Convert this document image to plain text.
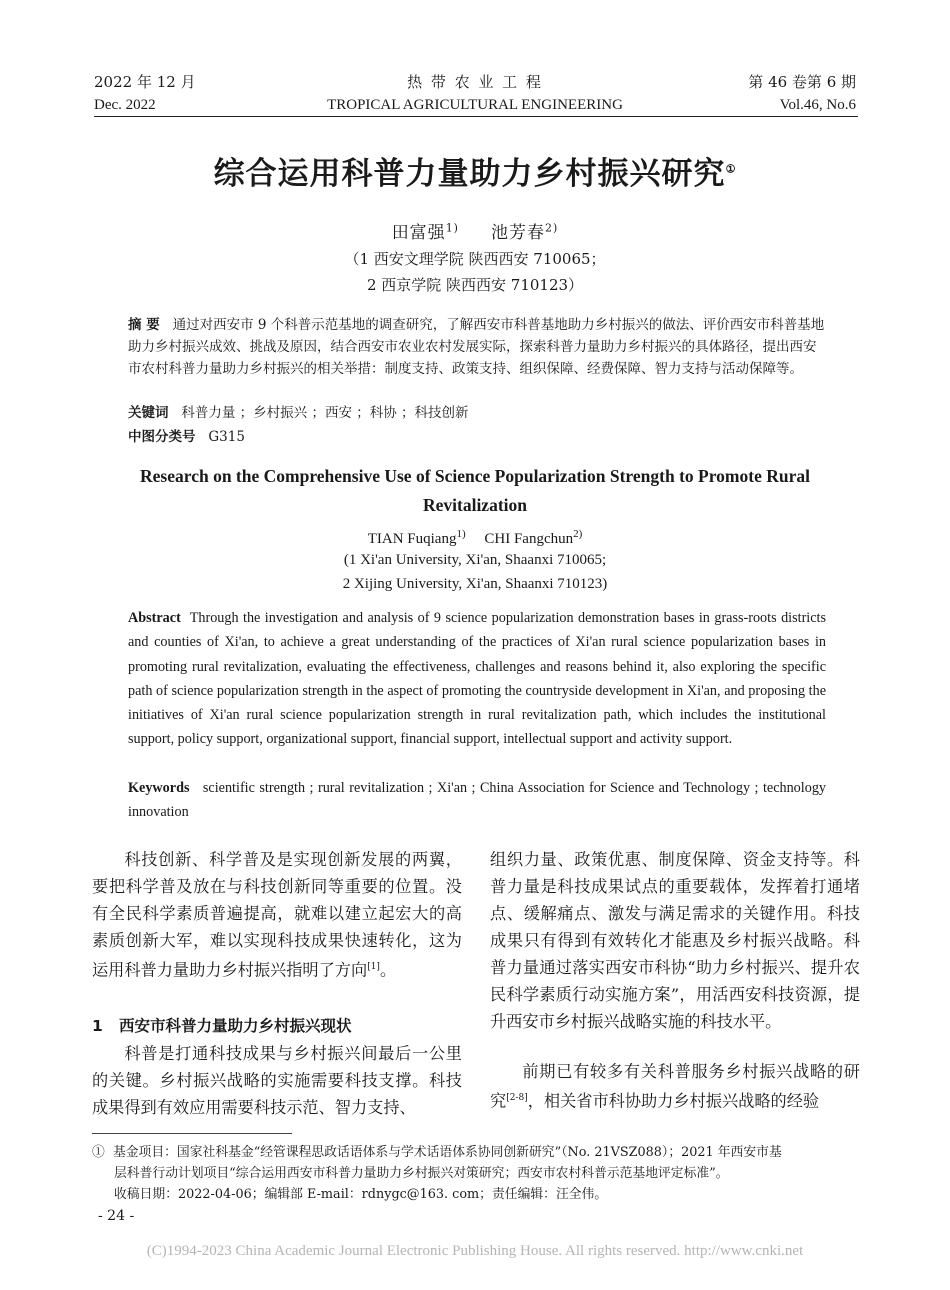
2022 年 12 月
Dec. 2022
热 带 农 业 工 程
TROPICAL AGRICULTURAL ENGINEERING
第 46 卷第 6 期
Vol.46, No.6
综合运用科普力量助力乡村振兴研究①
田富强$^{1)}$ 池芳春$^{2)}$
（1 西安文理学院 陕西西安 710065；
2 西京学院 陕西西安 710123）
摘 要 通过对西安市 9 个科普示范基地的调查研究，了解西安市科普基地助力乡村振兴的做法、评价西安市科普基地助力乡村振兴成效、挑战及原因，结合西安市农业农村发展实际，探索科普力量助力乡村振兴的具体路径，提出西安市农村科普力量助力乡村振兴的相关举措：制度支持、政策支持、组织保障、经费保障、智力支持与活动保障等。
关键词 科普力量 ；乡村振兴 ；西安 ；科协 ；科技创新
中图分类号 G315
Research on the Comprehensive Use of Science Popularization Strength to Promote Rural Revitalization
TIAN Fuqiang$^{1)}$ CHI Fangchun$^{2)}$
(1 Xi'an University, Xi'an, Shaanxi 710065;
2 Xijing University, Xi'an, Shaanxi 710123)
Abstract Through the investigation and analysis of 9 science popularization demonstration bases in grass-roots districts and counties of Xi'an, to achieve a great understanding of the practices of Xi'an rural science popularization bases in promoting rural revitalization, evaluating the effectiveness, challenges and reasons behind it, also exploring the specific path of science popularization strength in the aspect of promoting the countryside development in Xi'an, and proposing the initiatives of Xi'an rural science popularization strength in rural revitalization path, which includes the institutional support, policy support, organizational support, financial support, intellectual support and activity support.
Keywords scientific strength ; rural revitalization ; Xi'an ; China Association for Science and Technology ; technology innovation
科技创新、科学普及是实现创新发展的两翼，要把科学普及放在与科技创新同等重要的位置。没有全民科学素质普遍提高，就难以建立起宏大的高素质创新大军，难以实现科技成果快速转化，这为运用科普力量助力乡村振兴指明了方向[1]。
1 西安市科普力量助力乡村振兴现状
科普是打通科技成果与乡村振兴间最后一公里的关键。乡村振兴战略的实施需要科技支撑。科技成果得到有效应用需要科技示范、智力支持、
组织力量、政策优惠、制度保障、资金支持等。科普力量是科技成果试点的重要载体，发挥着打通堵点、缓解痛点、激发与满足需求的关键作用。科技成果只有得到有效转化才能惠及乡村振兴战略。科普力量通过落实西安市科协“助力乡村振兴、提升农民科学素质行动实施方案”，用活西安科技资源，提升西安市乡村振兴战略实施的科技水平。
前期已有较多有关科普服务乡村振兴战略的研究[2-8]，相关省市科协助力乡村振兴战略的经验
① 基金项目：国家社科基金“经管课程思政话语体系与学术话语体系协同创新研究”（No. 21VSZ088）；2021 年西安市基
层科普行动计划项目“综合运用西安市科普力量助力乡村振兴对策研究；西安市农村科普示范基地评定标准”。
收稿日期：2022-04-06；编辑部 E-mail：rdnygc@163. com；责任编辑：汪全伟。
- 24 -
(C)1994-2023 China Academic Journal Electronic Publishing House. All rights reserved. http://www.cnki.net
